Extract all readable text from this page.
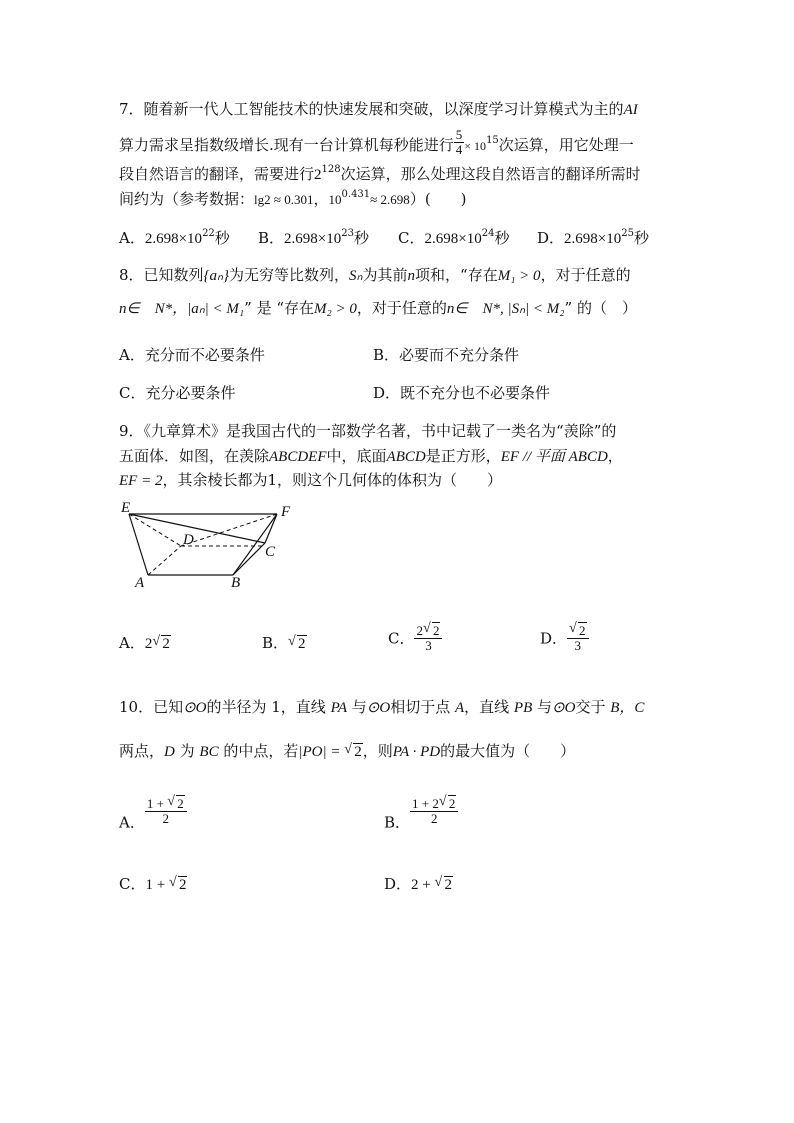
7．随着新一代人工智能技术的快速发展和突破，以深度学习计算模式为主的AI
算力需求呈指数级增长.现有一台计算机每秒能进行 $\frac{5}{4} \times 10^{15}$次运算，用它处理一
段自然语言的翻译，需要进行$2^{128}$次运算，那么处理这段自然语言的翻译所需时
间约为（参考数据：lg2 ≈ 0.301，$10^{0.431}\approx 2.698$）(　　)
A．$2.698\times 10^{22}$秒 B．$2.698\times 10^{23}$秒 C．$2.698\times 10^{24}$秒 D．$2.698\times 10^{25}$秒
8．已知数列{aₙ}为无穷等比数列，Sₙ为其前n项和，“存在M₁ > 0，对于任意的
n∈　N*，|aₙ| < M₁” 是 “存在M₂ > 0，对于任意的n∈　N*, |Sₙ| < M₂” 的（　）
A．充分而不必要条件	B．必要而不充分条件
C．充分必要条件	D．既不充分也不必要条件
9．《九章算术》是我国古代的一部数学名著，书中记载了一类名为“羡除”的
五面体．如图，在羡除ABCDEF中，底面ABCD是正方形，EF // 平面 ABCD，
EF = 2，其余棱长都为1，则这个几何体的体积为（　　）
E	F
D
C
A	B
A．2 √ 2	B． √ 2	C． $\frac{2 √ 2}{3}$	D． √ $\frac{2}{3}$
10．已知⊙O的半径为 1，直线 PA 与⊙O相切于点 A，直线 PB 与⊙O交于 B，C
两点，D 为 BC 的中点，若|PO| = √ 2，则PA · PD的最大值为（　　）
A． $\frac{1 + √ 2}{2}$	B． $\frac{1 + 2 √ 2}{2}$
C．1 + √ 2	D．2 + √ 2
